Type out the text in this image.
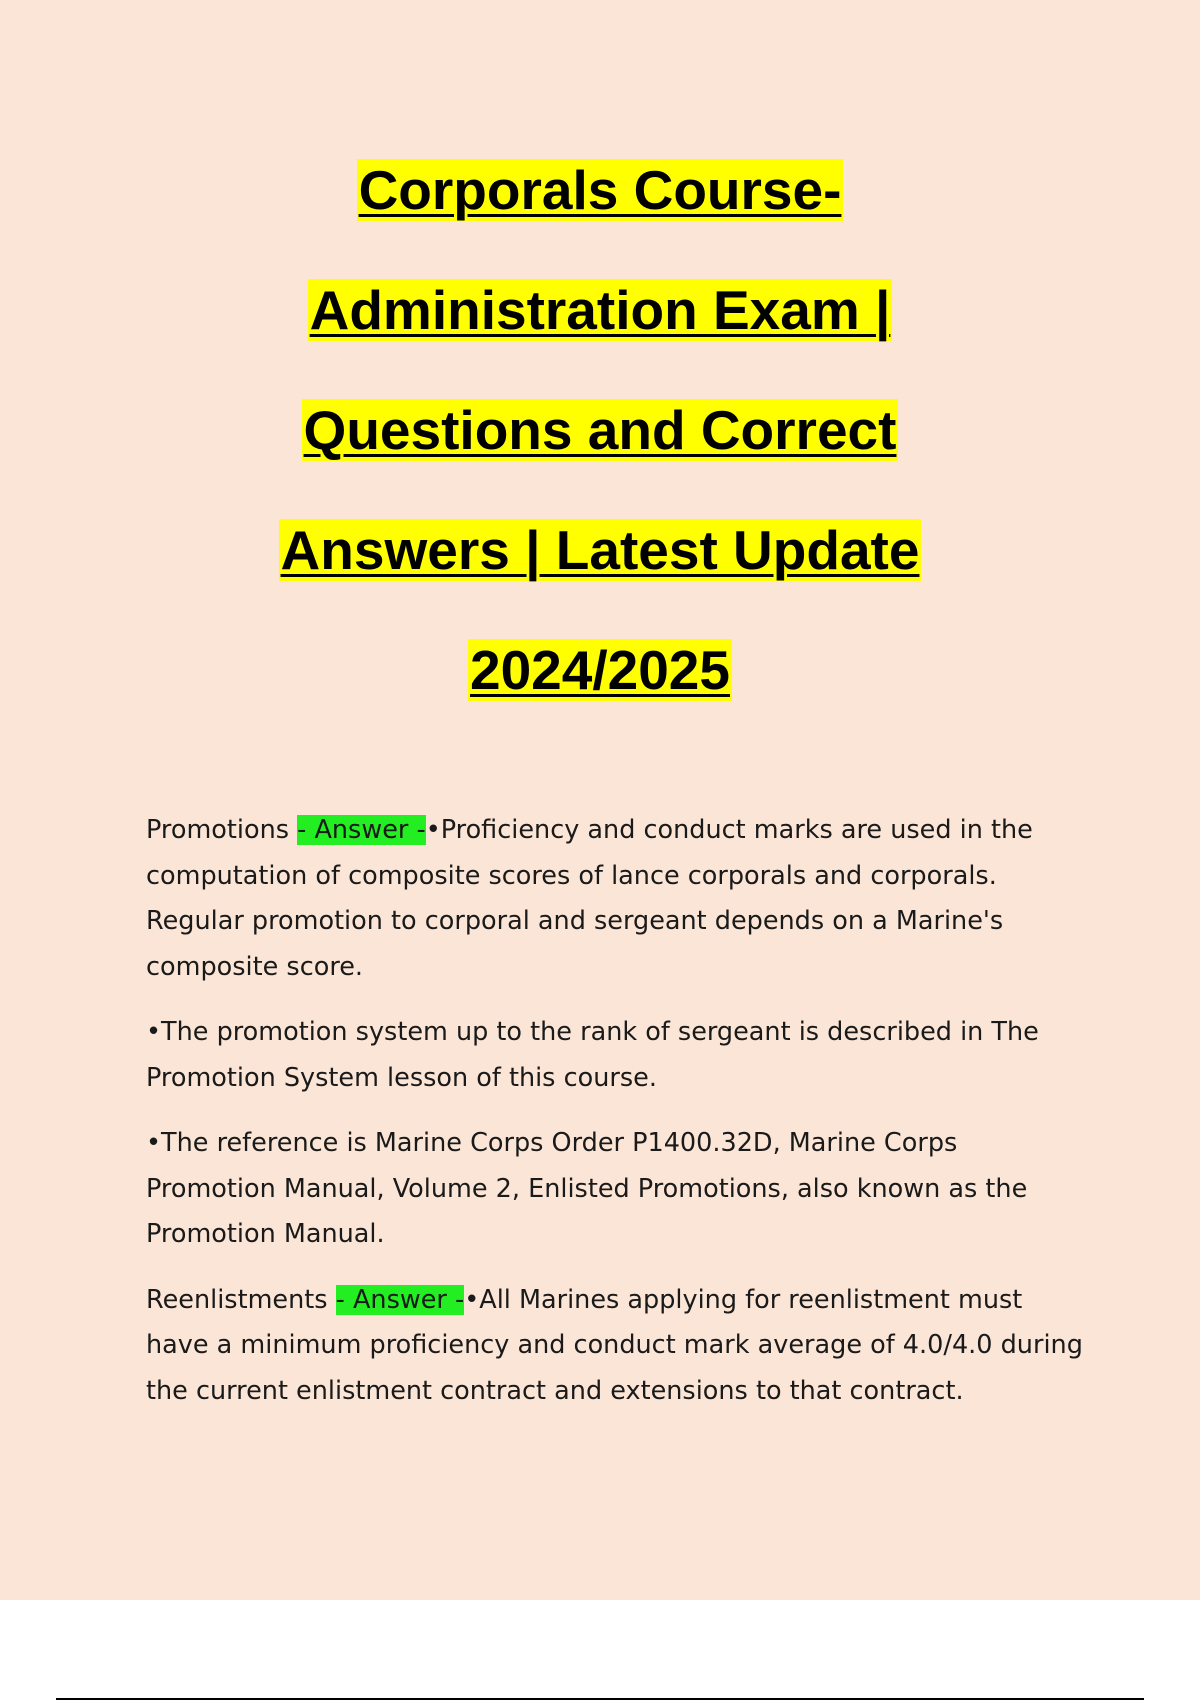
Corporals Course-
Administration Exam |
Questions and Correct
Answers | Latest Update
2024/2025

Promotions - Answer -•Proficiency and conduct marks are used in the computation of composite scores of lance corporals and corporals. Regular promotion to corporal and sergeant depends on a Marine's composite score.

•The promotion system up to the rank of sergeant is described in The Promotion System lesson of this course.

•The reference is Marine Corps Order P1400.32D, Marine Corps Promotion Manual, Volume 2, Enlisted Promotions, also known as the Promotion Manual.

Reenlistments - Answer -•All Marines applying for reenlistment must have a minimum proficiency and conduct mark average of 4.0/4.0 during the current enlistment contract and extensions to that contract.
